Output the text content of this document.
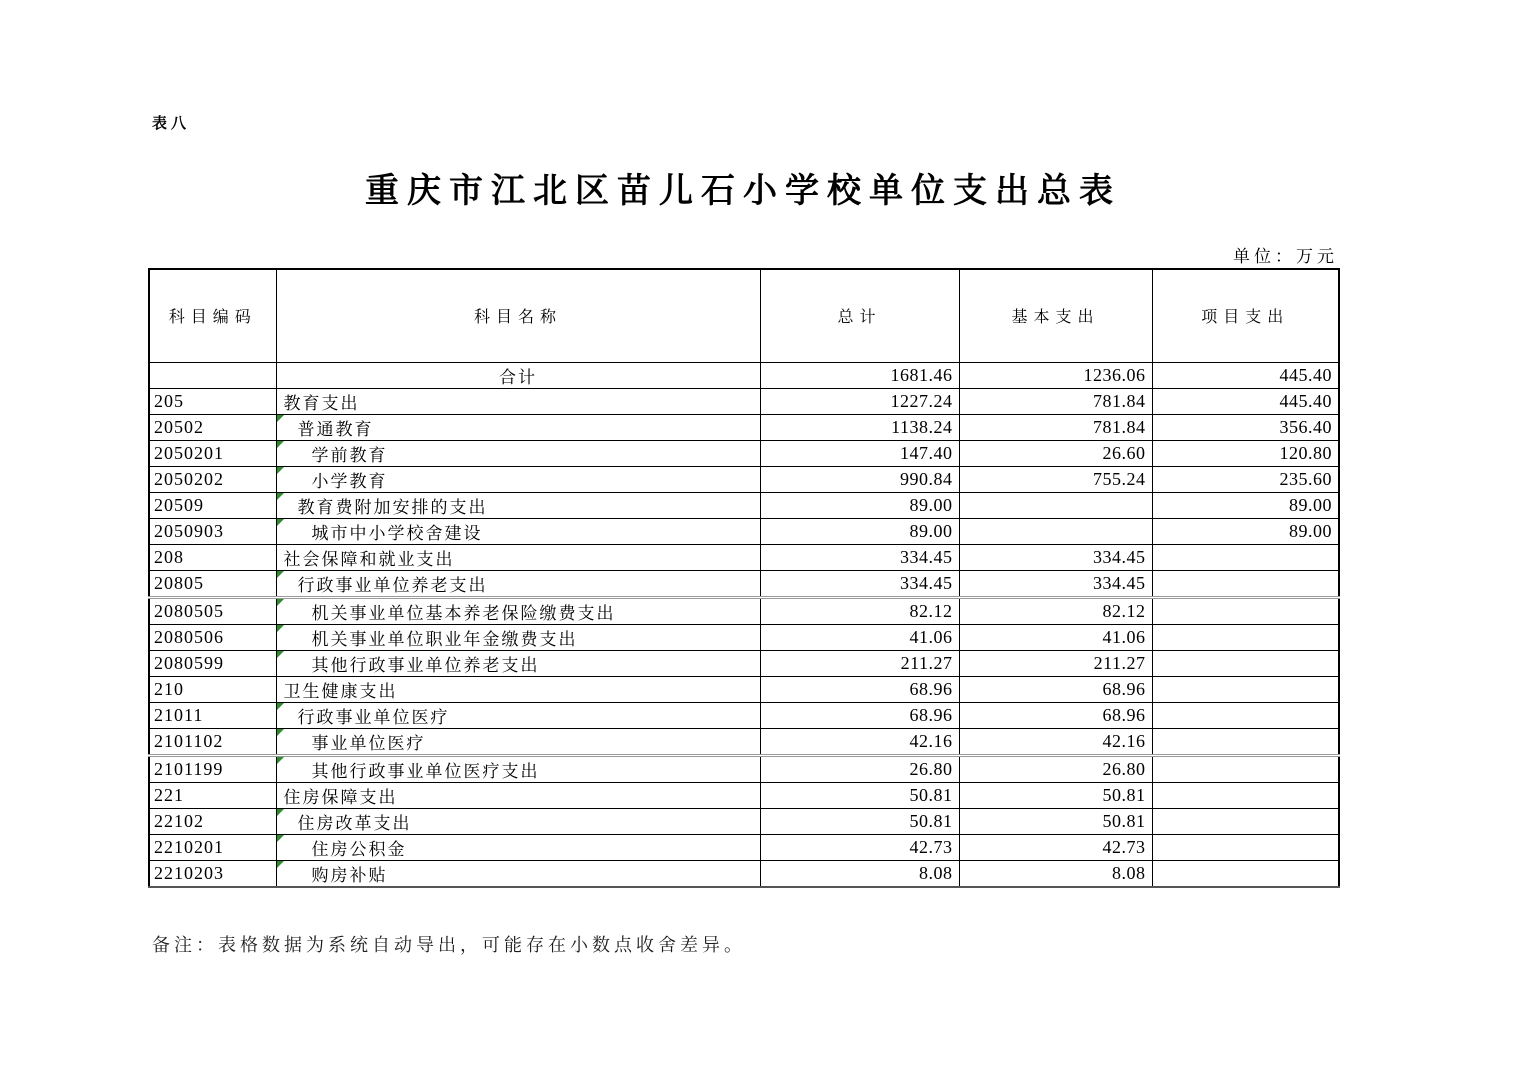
表八
重庆市江北区苗儿石小学校单位支出总表
单位：万元
科目编码	科目名称	总计	基本支出	项目支出
	合计	1681.46	1236.06	445.40
205	教育支出	1227.24	781.84	445.40
20502	普通教育	1138.24	781.84	356.40
2050201	学前教育	147.40	26.60	120.80
2050202	小学教育	990.84	755.24	235.60
20509	教育费附加安排的支出	89.00		89.00
2050903	城市中小学校舍建设	89.00		89.00
208	社会保障和就业支出	334.45	334.45	
20805	行政事业单位养老支出	334.45	334.45	
2080505	机关事业单位基本养老保险缴费支出	82.12	82.12	
2080506	机关事业单位职业年金缴费支出	41.06	41.06	
2080599	其他行政事业单位养老支出	211.27	211.27	
210	卫生健康支出	68.96	68.96	
21011	行政事业单位医疗	68.96	68.96	
2101102	事业单位医疗	42.16	42.16	
2101199	其他行政事业单位医疗支出	26.80	26.80	
221	住房保障支出	50.81	50.81	
22102	住房改革支出	50.81	50.81	
2210201	住房公积金	42.73	42.73	
2210203	购房补贴	8.08	8.08	
备注：表格数据为系统自动导出，可能存在小数点收舍差异。
